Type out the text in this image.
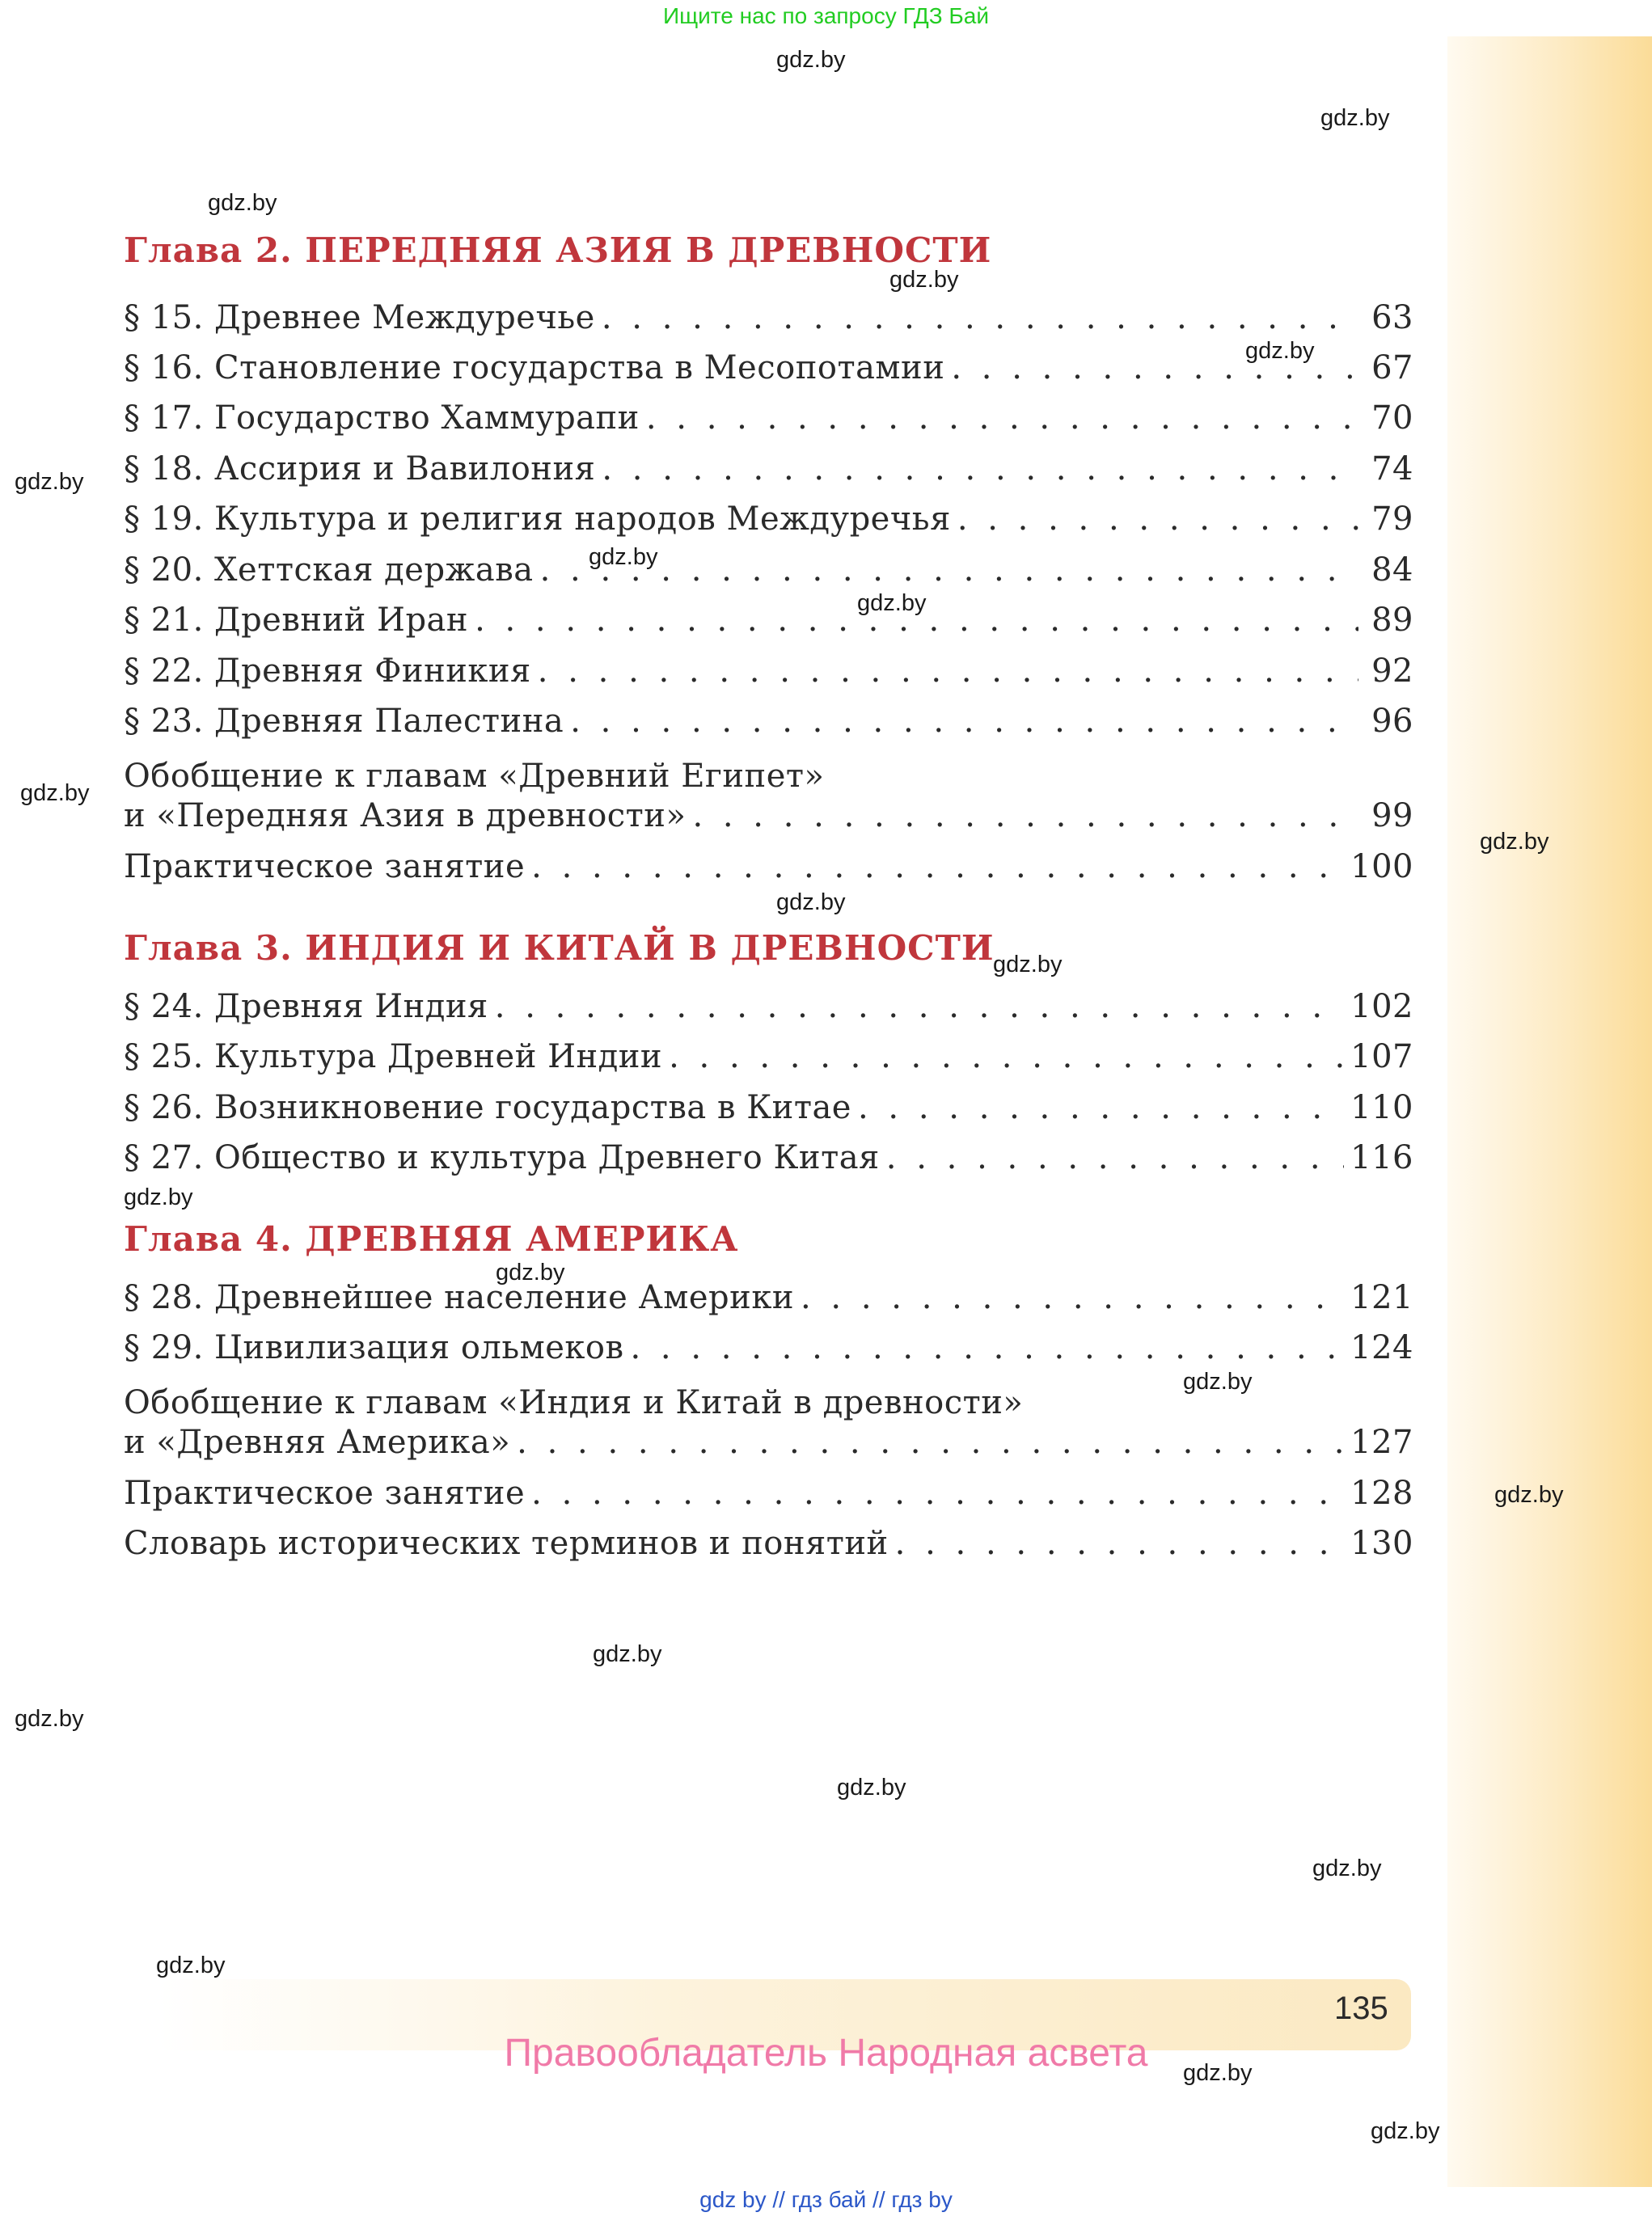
Ищите нас по запросу ГДЗ Бай
gdz.by
gdz.by
gdz.by
gdz.by
gdz.by
gdz.by
gdz.by
gdz.by
gdz.by
gdz.by
gdz.by
gdz.by
gdz.by
gdz.by
gdz.by
gdz.by
gdz.by
gdz.by
gdz.by
gdz.by
gdz.by
gdz.by
gdz.by
Глава 2. ПЕРЕДНЯЯ АЗИЯ В ДРЕВНОСТИ
§ 15. Древнее Междуречье . . .	63
§ 16. Становление государства в Месопотамии . . .	67
§ 17. Государство Хаммурапи . . .	70
§ 18. Ассирия и Вавилония . . .	74
§ 19. Культура и религия народов Междуречья . . .	79
§ 20. Хеттская держава . . .	84
§ 21. Древний Иран . . .	89
§ 22. Древняя Финикия . . .	92
§ 23. Древняя Палестина . . .	96
Обобщение к главам «Древний Египет»
и «Передняя Азия в древности» . . .	99
Практическое занятие . . .	100
Глава 3. ИНДИЯ И КИТАЙ В ДРЕВНОСТИ
§ 24. Древняя Индия . . .	102
§ 25. Культура Древней Индии . . .	107
§ 26. Возникновение государства в Китае . . .	110
§ 27. Общество и культура Древнего Китая . . .	116
Глава 4. ДРЕВНЯЯ АМЕРИКА
§ 28. Древнейшее население Америки . . .	121
§ 29. Цивилизация ольмеков . . .	124
Обобщение к главам «Индия и Китай в древности»
и «Древняя Америка» . . .	127
Практическое занятие . . .	128
Словарь исторических терминов и понятий . . .	130
135
Правообладатель Народная асвета
gdz by // гдз бай // гдз by
